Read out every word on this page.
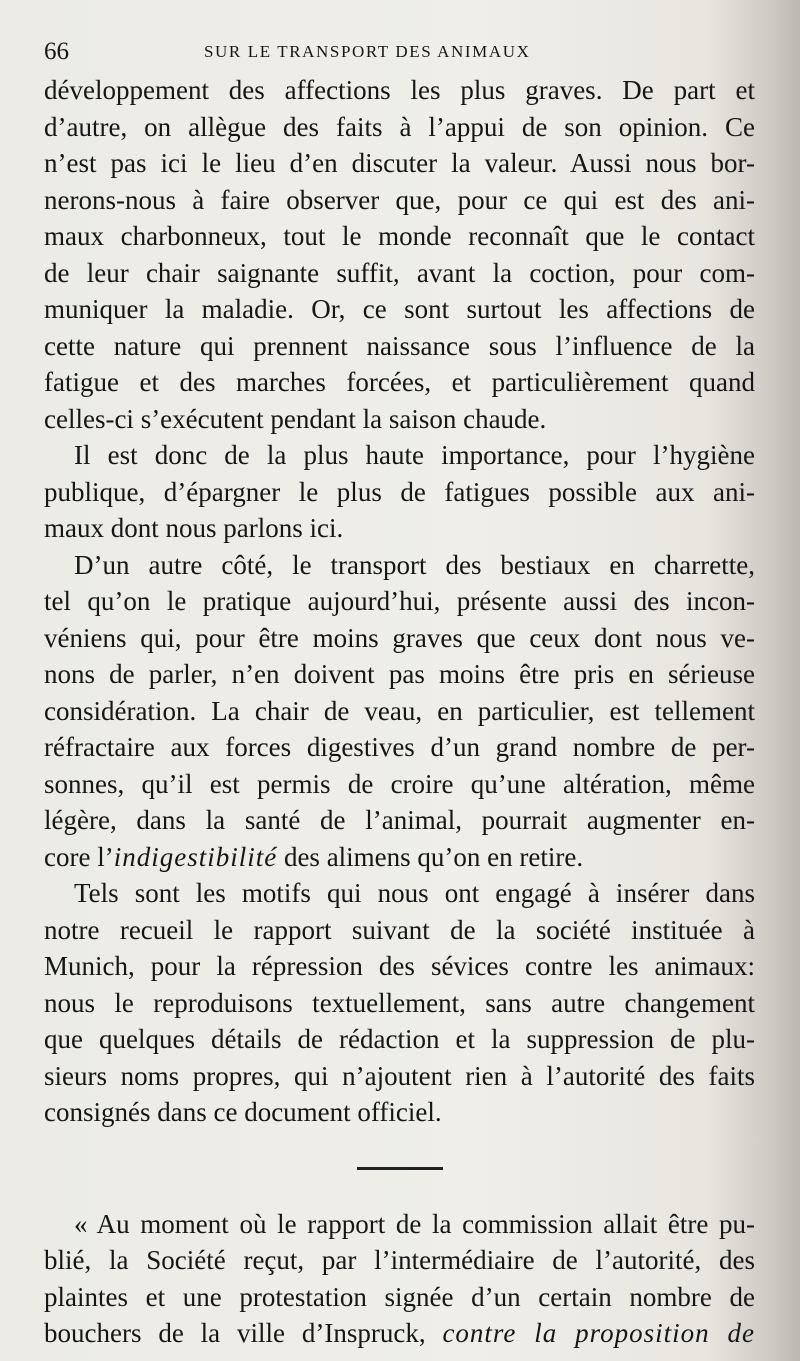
66	SUR LE TRANSPORT DES ANIMAUX

développement des affections les plus graves. De part et
d’autre, on allègue des faits à l’appui de son opinion. Ce
n’est pas ici le lieu d’en discuter la valeur. Aussi nous bor-
nerons-nous à faire observer que, pour ce qui est des ani-
maux charbonneux, tout le monde reconnaît que le contact
de leur chair saignante suffit, avant la coction, pour com-
muniquer la maladie. Or, ce sont surtout les affections de
cette nature qui prennent naissance sous l’influence de la
fatigue et des marches forcées, et particulièrement quand
celles-ci s’exécutent pendant la saison chaude.

Il est donc de la plus haute importance, pour l’hygiène
publique, d’épargner le plus de fatigues possible aux ani-
maux dont nous parlons ici.

D’un autre côté, le transport des bestiaux en charrette,
tel qu’on le pratique aujourd’hui, présente aussi des incon-
véniens qui, pour être moins graves que ceux dont nous ve-
nons de parler, n’en doivent pas moins être pris en sérieuse
considération. La chair de veau, en particulier, est tellement
réfractaire aux forces digestives d’un grand nombre de per-
sonnes, qu’il est permis de croire qu’une altération, même
légère, dans la santé de l’animal, pourrait augmenter en-
core l’indigestibilité des alimens qu’on en retire.

Tels sont les motifs qui nous ont engagé à insérer dans
notre recueil le rapport suivant de la société instituée à
Munich, pour la répression des sévices contre les animaux:
nous le reproduisons textuellement, sans autre changement
que quelques détails de rédaction et la suppression de plu-
sieurs noms propres, qui n’ajoutent rien à l’autorité des faits
consignés dans ce document officiel.

« Au moment où le rapport de la commission allait être pu-
blié, la Société reçut, par l’intermédiaire de l’autorité, des
plaintes et une protestation signée d’un certain nombre de
bouchers de la ville d’Inspruck, contre la proposition de
